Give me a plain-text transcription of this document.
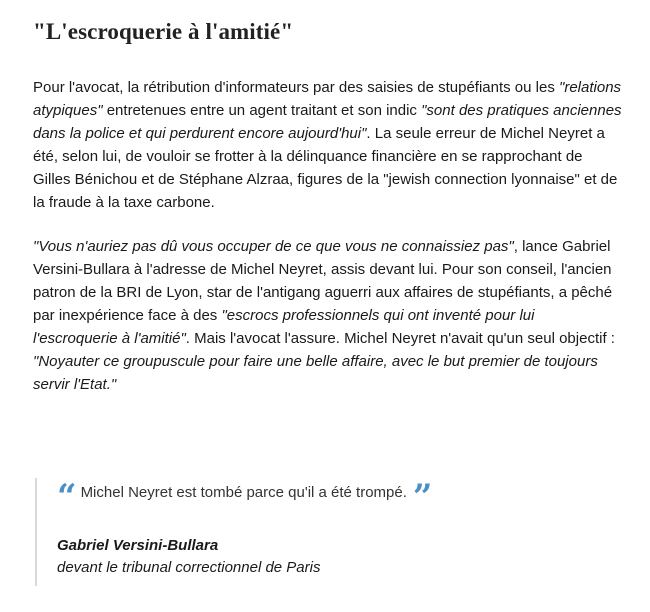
"L'escroquerie à l'amitié"

Pour l'avocat, la rétribution d'informateurs par des saisies de stupéfiants ou les "relations atypiques" entretenues entre un agent traitant et son indic "sont des pratiques anciennes dans la police et qui perdurent encore aujourd'hui". La seule erreur de Michel Neyret a été, selon lui, de vouloir se frotter à la délinquance financière en se rapprochant de Gilles Bénichou et de Stéphane Alzraa, figures de la "jewish connection lyonnaise" et de la fraude à la taxe carbone.

"Vous n'auriez pas dû vous occuper de ce que vous ne connaissiez pas", lance Gabriel Versini-Bullara à l'adresse de Michel Neyret, assis devant lui. Pour son conseil, l'ancien patron de la BRI de Lyon, star de l'antigang aguerri aux affaires de stupéfiants, a pêché par inexpérience face à des "escrocs professionnels qui ont inventé pour lui l'escroquerie à l'amitié". Mais l'avocat l'assure. Michel Neyret n'avait qu'un seul objectif : "Noyauter ce groupuscule pour faire une belle affaire, avec le but premier de toujours servir l'Etat."

“ Michel Neyret est tombé parce qu'il a été trompé. ”
Gabriel Versini-Bullara
devant le tribunal correctionnel de Paris
